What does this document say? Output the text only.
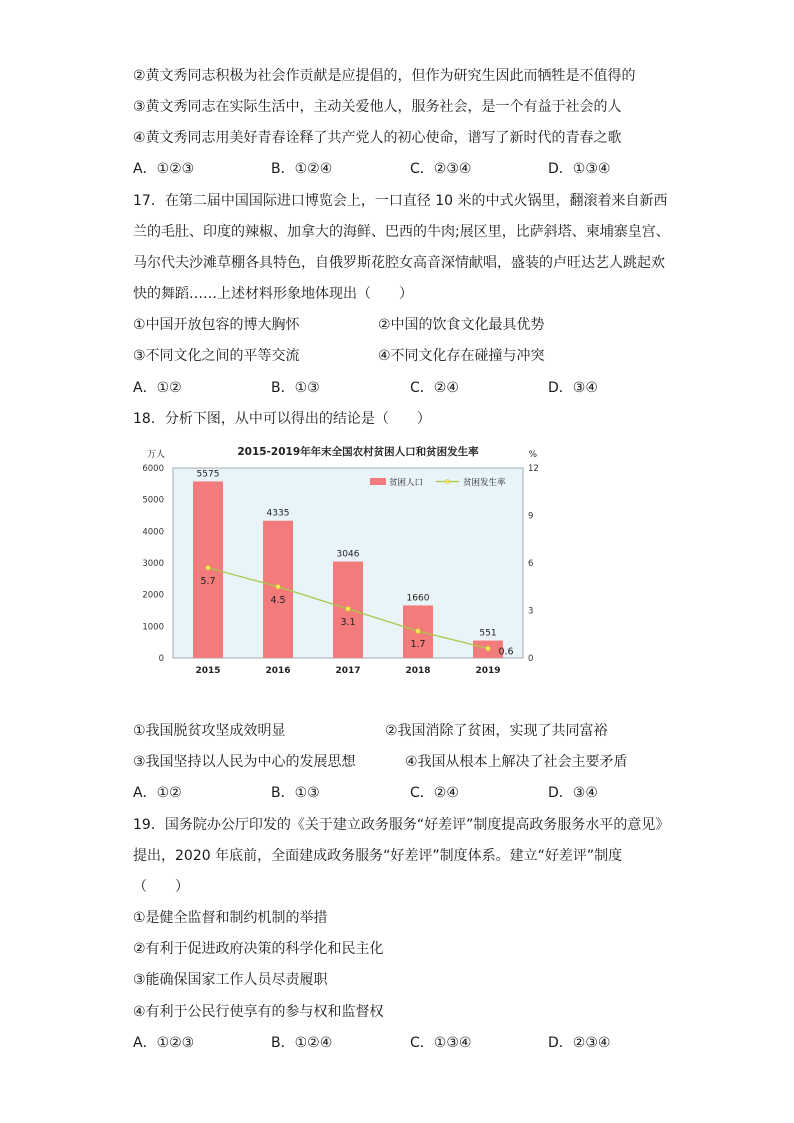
②黄文秀同志积极为社会作贡献是应提倡的，但作为研究生因此而牺牲是不值得的
③黄文秀同志在实际生活中，主动关爱他人，服务社会，是一个有益于社会的人
④黄文秀同志用美好青春诠释了共产党人的初心使命，谱写了新时代的青春之歌
A．①②③	B．①②④	C．②③④	D．①③④
17．在第二届中国国际进口博览会上，一口直径 10 米的中式火锅里，翻滚着来自新西
兰的毛肚、印度的辣椒、加拿大的海鲜、巴西的牛肉;展区里，比萨斜塔、柬埔寨皇宫、
马尔代夫沙滩草棚各具特色，自俄罗斯花腔女高音深情献唱，盛装的卢旺达艺人跳起欢
快的舞蹈……上述材料形象地体现出（　　）
①中国开放包容的博大胸怀	②中国的饮食文化最具优势
③不同文化之间的平等交流	④不同文化存在碰撞与冲突
A．①②	B．①③	C．②④	D．③④
18．分析下图，从中可以得出的结论是（　　）
2015-2019年年末全国农村贫困人口和贫困发生率
万人	%
0
1000
2000
3000
4000
5000
6000
0
3
6
9
12
2015	2016	2017	2018	2019
5575
4335
3046
1660
551
5.7
4.5
3.1
1.7
0.6
贫困人口	贫困发生率
①我国脱贫攻坚成效明显	②我国消除了贫困，实现了共同富裕
③我国坚持以人民为中心的发展思想	④我国从根本上解决了社会主要矛盾
A．①②	B．①③	C．②④	D．③④
19．国务院办公厅印发的《关于建立政务服务“好差评”制度提高政务服务水平的意见》
提出，2020 年底前，全面建成政务服务“好差评”制度体系。建立“好差评”制度
（　　）
①是健全监督和制约机制的举措
②有利于促进政府决策的科学化和民主化
③能确保国家工作人员尽责履职
④有利于公民行使享有的参与权和监督权
A．①②③	B．①②④	C．①③④	D．②③④
